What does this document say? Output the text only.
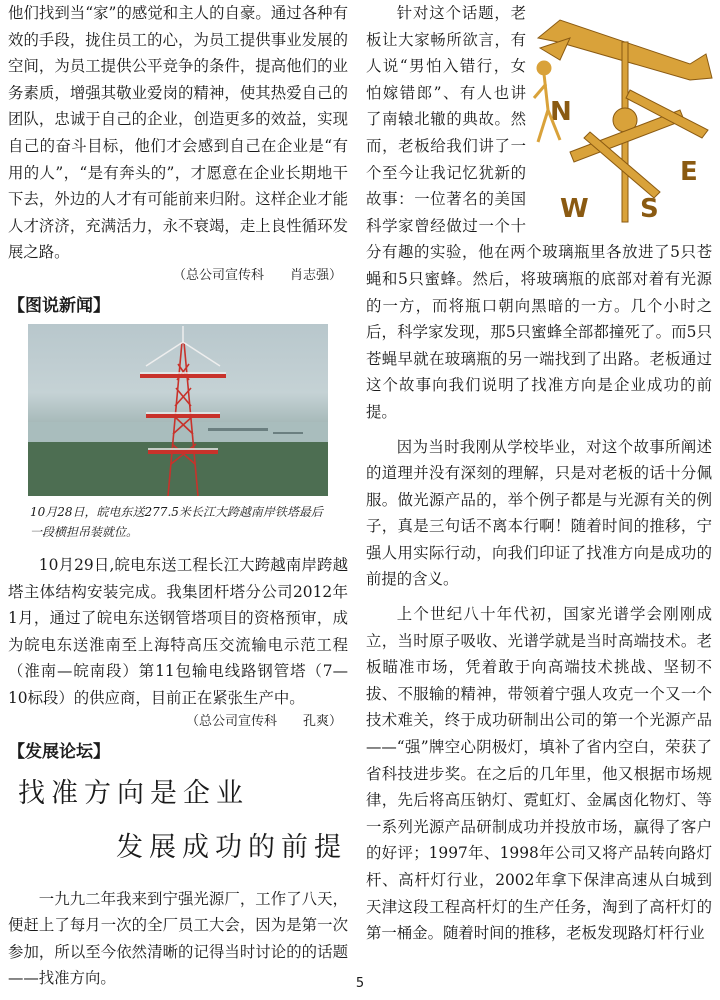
他们找到当“家”的感觉和主人的自豪。通过各种有效的手段，拢住员工的心，为员工提供事业发展的空间，为员工提供公平竞争的条件，提高他们的业务素质，增强其敬业爱岗的精神，使其热爱自己的团队，忠诚于自己的企业，创造更多的效益，实现自己的奋斗目标，他们才会感到自己在企业是“有用的人”，“是有奔头的”，才愿意在企业长期地干下去，外边的人才有可能前来归附。这样企业才能人才济济，充满活力，永不衰竭，走上良性循环发展之路。

（总公司宣传科　　肖志强）
【图说新闻】
10月28日，皖电东送277.5米长江大跨越南岸铁塔最后一段横担吊装就位。

10月29日,皖电东送工程长江大跨越南岸跨越塔主体结构安装完成。我集团杆塔分公司2012年1月，通过了皖电东送钢管塔项目的资格预审，成为皖电东送淮南至上海特高压交流输电示范工程（淮南—皖南段）第11包输电线路钢管塔（7—10标段）的供应商，目前正在紧张生产中。

（总公司宣传科　　孔爽）
【发展论坛】
找准方向是企业
发展成功的前提

一九九二年我来到宁强光源厂，工作了八天，便赶上了每月一次的全厂员工大会，因为是第一次参加，所以至今依然清晰的记得当时讨论的的话题——找准方向。

N
E
S
W

针对这个话题，老板让大家畅所欲言，有人说“男怕入错行，女怕嫁错郎”、有人也讲了南辕北辙的典故。然而，老板给我们讲了一个至今让我记忆犹新的故事：一位著名的美国科学家曾经做过一个十分有趣的实验，他在两个玻璃瓶里各放进了5只苍蝇和5只蜜蜂。然后，将玻璃瓶的底部对着有光源的一方，而将瓶口朝向黑暗的一方。几个小时之后，科学家发现，那5只蜜蜂全部都撞死了。而5只苍蝇早就在玻璃瓶的另一端找到了出路。老板通过这个故事向我们说明了找准方向是企业成功的前提。

因为当时我刚从学校毕业，对这个故事所阐述的道理并没有深刻的理解，只是对老板的话十分佩服。做光源产品的，举个例子都是与光源有关的例子，真是三句话不离本行啊！随着时间的推移，宁强人用实际行动，向我们印证了找准方向是成功的前提的含义。

上个世纪八十年代初，国家光谱学会刚刚成立，当时原子吸收、光谱学就是当时高端技术。老板瞄准市场，凭着敢于向高端技术挑战、坚韧不拔、不服输的精神，带领着宁强人攻克一个又一个技术难关，终于成功研制出公司的第一个光源产品——“强”牌空心阴极灯，填补了省内空白，荣获了省科技进步奖。在之后的几年里，他又根据市场规律，先后将高压钠灯、霓虹灯、金属卤化物灯、等一系列光源产品研制成功并投放市场，赢得了客户的好评；1997年、1998年公司又将产品转向路灯杆、高杆灯行业，2002年拿下保津高速从白城到天津这段工程高杆灯的生产任务，淘到了高杆灯的第一桶金。随着时间的推移，老板发现路灯杆行业

5
